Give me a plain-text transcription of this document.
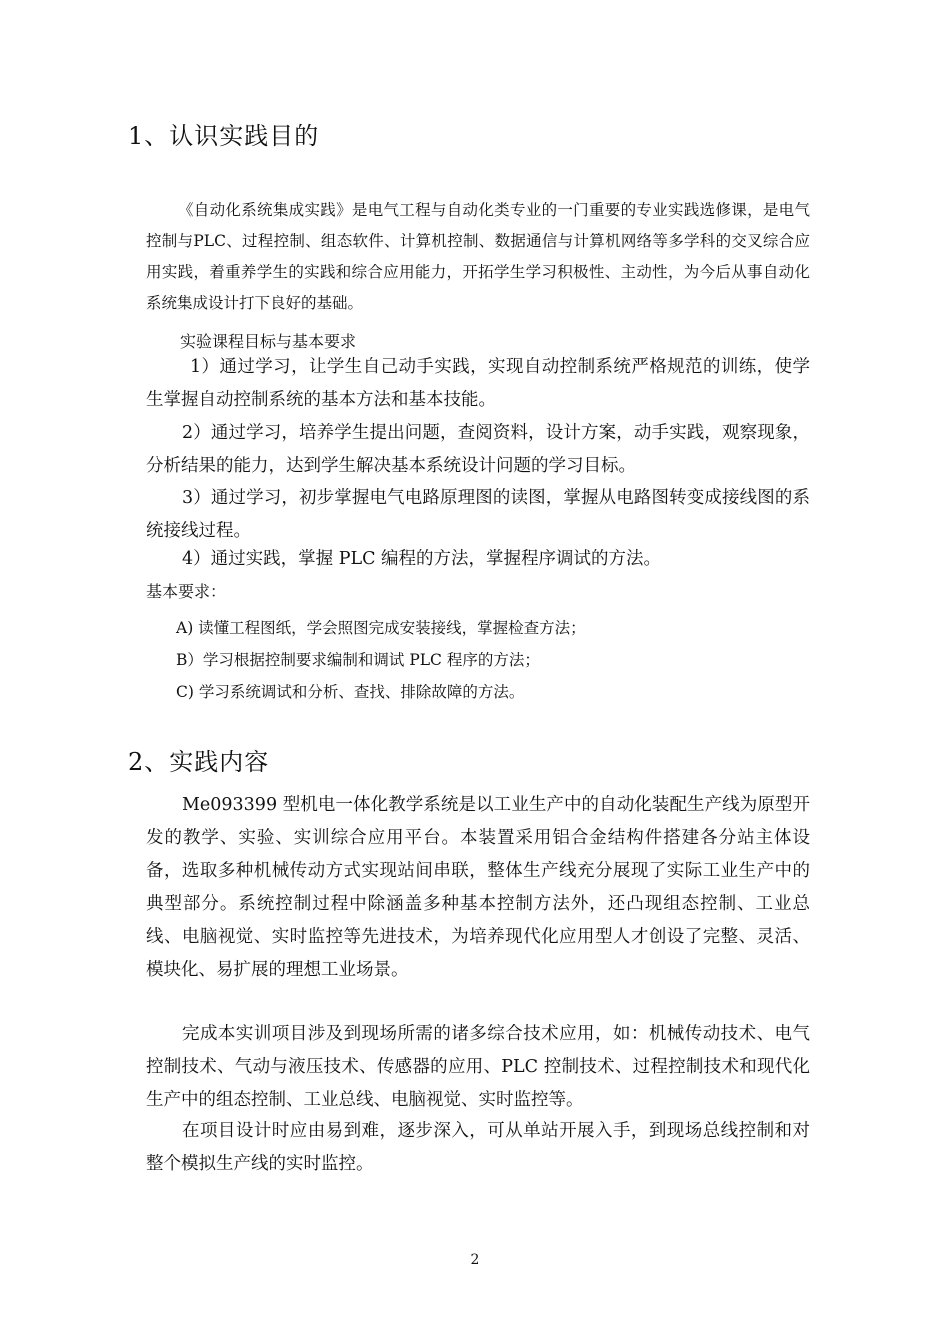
1、认识实践目的

《自动化系统集成实践》是电气工程与自动化类专业的一门重要的专业实践选修课，是电气控制与PLC、过程控制、组态软件、计算机控制、数据通信与计算机网络等多学科的交叉综合应用实践，着重养学生的实践和综合应用能力，开拓学生学习积极性、主动性，为今后从事自动化系统集成设计打下良好的基础。

实验课程目标与基本要求

1）通过学习，让学生自己动手实践，实现自动控制系统严格规范的训练，使学生掌握自动控制系统的基本方法和基本技能。

2）通过学习，培养学生提出问题，查阅资料，设计方案，动手实践，观察现象，分析结果的能力，达到学生解决基本系统设计问题的学习目标。

3）通过学习，初步掌握电气电路原理图的读图，掌握从电路图转变成接线图的系统接线过程。

4）通过实践，掌握 PLC 编程的方法，掌握程序调试的方法。

基本要求：

A) 读懂工程图纸，学会照图完成安装接线，掌握检查方法；

B）学习根据控制要求编制和调试 PLC 程序的方法；

C) 学习系统调试和分析、查找、排除故障的方法。

2、实践内容

Me093399 型机电一体化教学系统是以工业生产中的自动化装配生产线为原型开发的教学、实验、实训综合应用平台。本装置采用铝合金结构件搭建各分站主体设备，选取多种机械传动方式实现站间串联，整体生产线充分展现了实际工业生产中的典型部分。系统控制过程中除涵盖多种基本控制方法外，还凸现组态控制、工业总线、电脑视觉、实时监控等先进技术，为培养现代化应用型人才创设了完整、灵活、模块化、易扩展的理想工业场景。

完成本实训项目涉及到现场所需的诸多综合技术应用，如：机械传动技术、电气控制技术、气动与液压技术、传感器的应用、PLC 控制技术、过程控制技术和现代化生产中的组态控制、工业总线、电脑视觉、实时监控等。

在项目设计时应由易到难，逐步深入，可从单站开展入手，到现场总线控制和对整个模拟生产线的实时监控。

2
